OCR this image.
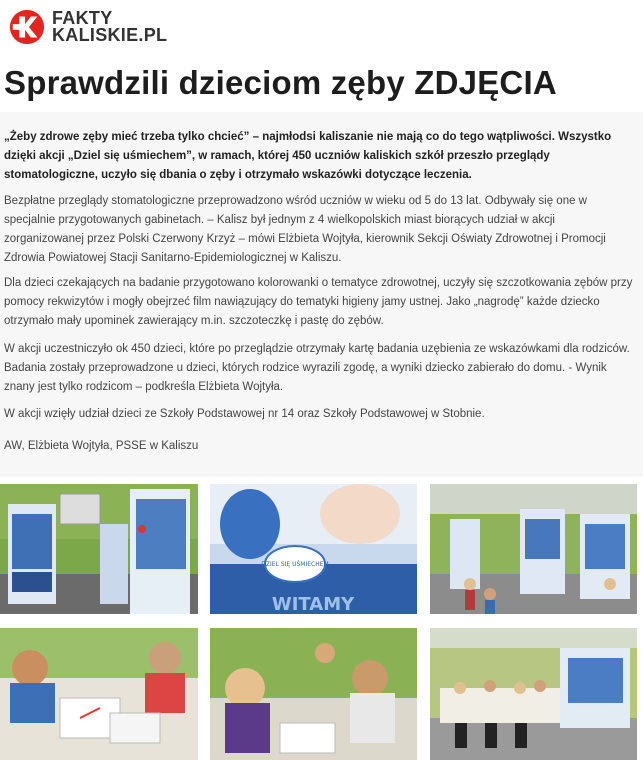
FAKTY
KALISKIE.PL
Sprawdzili dzieciom zęby ZDJĘCIA
„Żeby zdrowe zęby mieć trzeba tylko chcieć” – najmłodsi kaliszanie nie mają co do tego wątpliwości. Wszystko dzięki akcji „Dziel się uśmiechem”, w ramach, której 450 uczniów kaliskich szkół przeszło przeglądy stomatologiczne, uczyło się dbania o zęby i otrzymało wskazówki dotyczące leczenia.

Bezpłatne przeglądy stomatologiczne przeprowadzono wśród uczniów w wieku od 5 do 13 lat. Odbywały się one w specjalnie przygotowanych gabinetach. – Kalisz był jednym z 4 wielkopolskich miast biorących udział w akcji zorganizowanej przez Polski Czerwony Krzyż – mówi Elżbieta Wojtyła, kierownik Sekcji Oświaty Zdrowotnej i Promocji Zdrowia Powiatowej Stacji Sanitarno-Epidemiologicznej w Kaliszu.

Dla dzieci czekających na badanie przygotowano kolorowanki o tematyce zdrowotnej, uczyły się szczotkowania zębów przy pomocy rekwizytów i mogły obejrzeć film nawiązujący do tematyki higieny jamy ustnej. Jako „nagrodę” każde dziecko otrzymało mały upominek zawierający m.in. szczoteczkę i pastę do zębów.

W akcji uczestniczyło ok 450 dzieci, które po przeglądzie otrzymały kartę badania uzębienia ze wskazówkami dla rodziców. Badania zostały przeprowadzone u dzieci, których rodzice wyrazili zgodę, a wyniki dziecko zabierało do domu. - Wynik znany jest tylko rodzicom – podkreśla Elżbieta Wojtyła.

W akcji wzięły udział dzieci ze Szkoły Podstawowej nr 14 oraz Szkoły Podstawowej w Stobnie.

AW, Elżbieta Wojtyła, PSSE w Kaliszu

DZIEL SIĘ UŚMIECHEM
WITAMY
